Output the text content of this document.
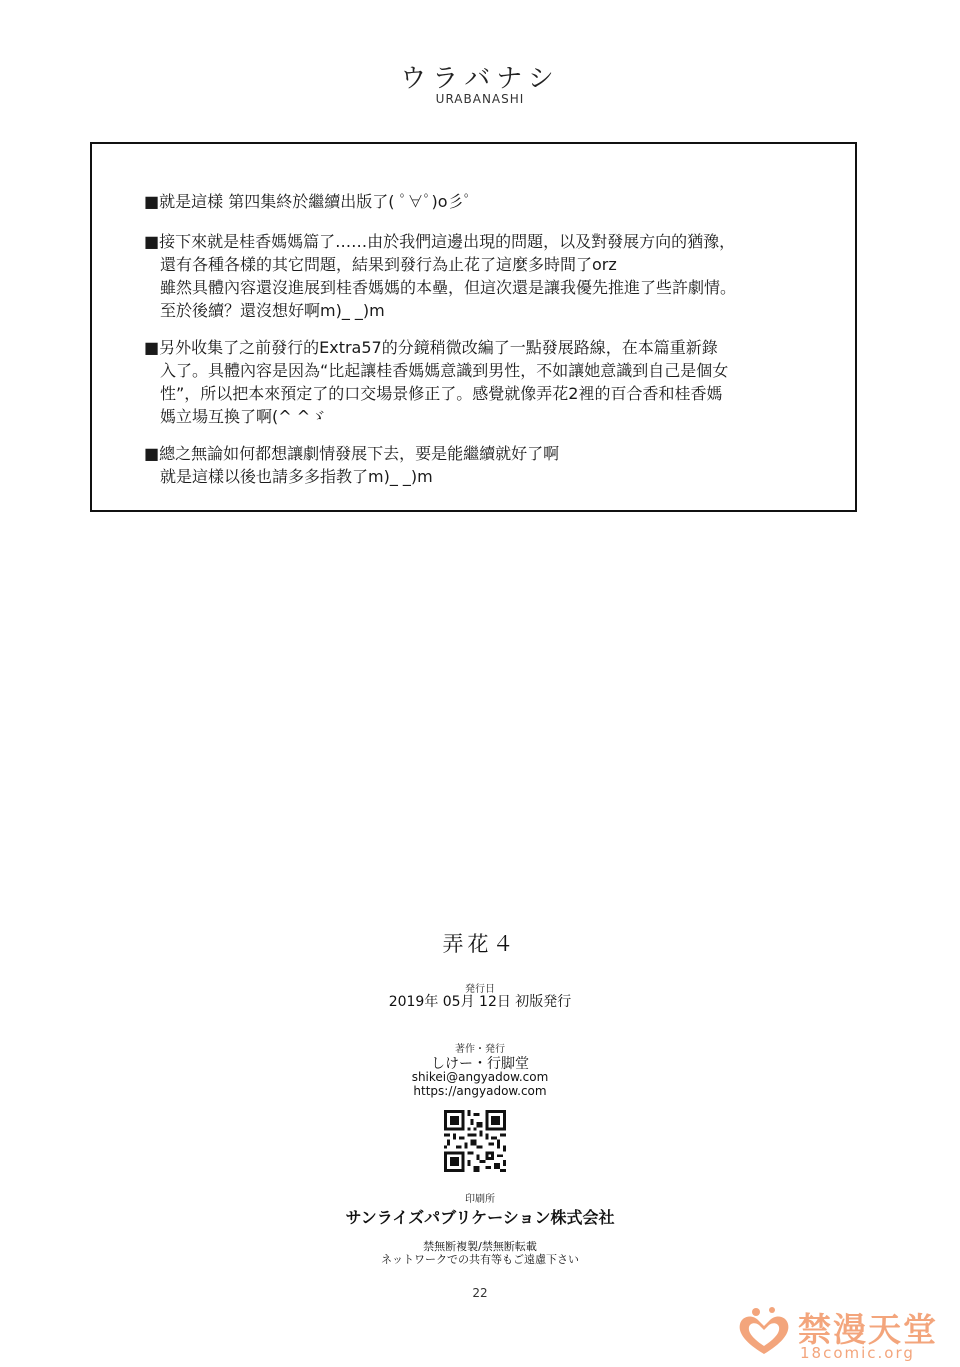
ウラバナシ
URABANASHI
■就是這樣 第四集終於繼續出版了( ﾟ∀ﾟ)o彡ﾟ
■接下來就是桂香媽媽篇了……由於我們這邊出現的問題，以及對發展方向的猶豫，
還有各種各樣的其它問題，結果到發行為止花了這麼多時間了orz
雖然具體內容還沒進展到桂香媽媽的本壘，但這次還是讓我優先推進了些許劇情。
至於後續？還沒想好啊m)_ _)m
■另外收集了之前發行的Extra57的分鏡稍微改編了一點發展路線，在本篇重新錄
入了。具體內容是因為“比起讓桂香媽媽意識到男性，不如讓她意識到自己是個女
性”，所以把本來預定了的口交場景修正了。感覺就像弄花2裡的百合香和桂香媽
媽立場互換了啊(^ ^ゞ
■總之無論如何都想讓劇情發展下去，要是能繼續就好了啊
就是這樣以後也請多多指教了m)_ _)m
弄花４
発行日
2019年 05月 12日 初版発行
著作・発行
しけー・行脚堂
shikei@angyadow.com
https://angyadow.com
印刷所
サンライズパブリケーション株式会社
禁無断複製/禁無断転載
ネットワークでの共有等もご遠慮下さい
22
禁漫天堂
18comic.org
